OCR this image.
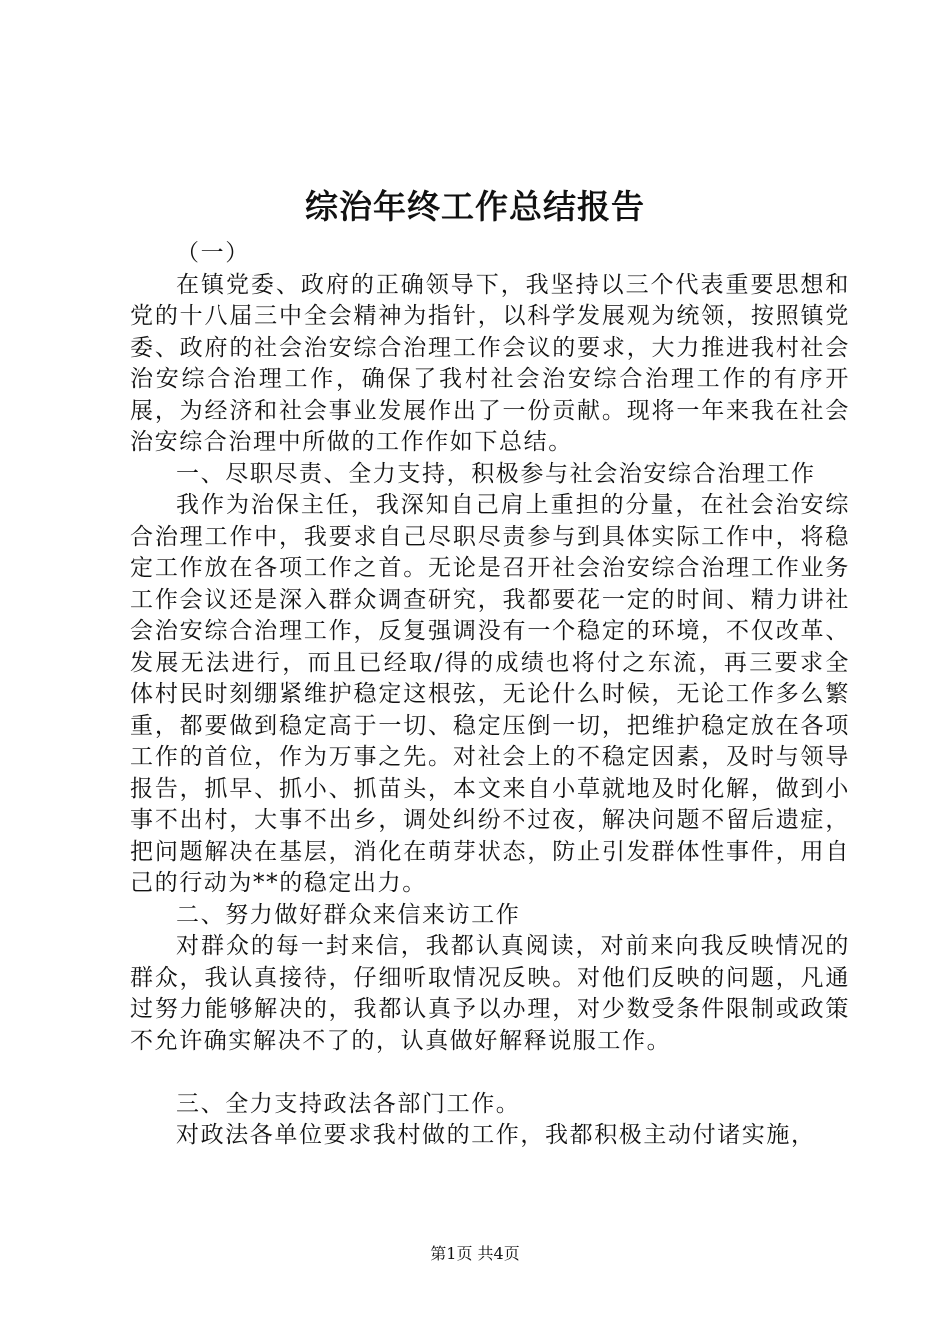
综治年终工作总结报告

（一）

在镇党委、政府的正确领导下，我坚持以三个代表重要思想和党的十八届三中全会精神为指针，以科学发展观为统领，按照镇党委、政府的社会治安综合治理工作会议的要求，大力推进我村社会治安综合治理工作，确保了我村社会治安综合治理工作的有序开展，为经济和社会事业发展作出了一份贡献。现将一年来我在社会治安综合治理中所做的工作作如下总结。

一、尽职尽责、全力支持，积极参与社会治安综合治理工作

我作为治保主任，我深知自己肩上重担的分量，在社会治安综合治理工作中，我要求自己尽职尽责参与到具体实际工作中，将稳定工作放在各项工作之首。无论是召开社会治安综合治理工作业务工作会议还是深入群众调查研究，我都要花一定的时间、精力讲社会治安综合治理工作，反复强调没有一个稳定的环境，不仅改革、发展无法进行，而且已经取/得的成绩也将付之东流，再三要求全体村民时刻绷紧维护稳定这根弦，无论什么时候，无论工作多么繁重，都要做到稳定高于一切、稳定压倒一切，把维护稳定放在各项工作的首位，作为万事之先。对社会上的不稳定因素，及时与领导报告，抓早、抓小、抓苗头，本文来自小草就地及时化解，做到小事不出村，大事不出乡，调处纠纷不过夜，解决问题不留后遗症，把问题解决在基层，消化在萌芽状态，防止引发群体性事件，用自己的行动为**的稳定出力。

二、努力做好群众来信来访工作

对群众的每一封来信，我都认真阅读，对前来向我反映情况的群众，我认真接待，仔细听取情况反映。对他们反映的问题，凡通过努力能够解决的，我都认真予以办理，对少数受条件限制或政策不允许确实解决不了的，认真做好解释说服工作。

三、全力支持政法各部门工作。

对政法各单位要求我村做的工作，我都积极主动付诸实施，

第1页 共4页
